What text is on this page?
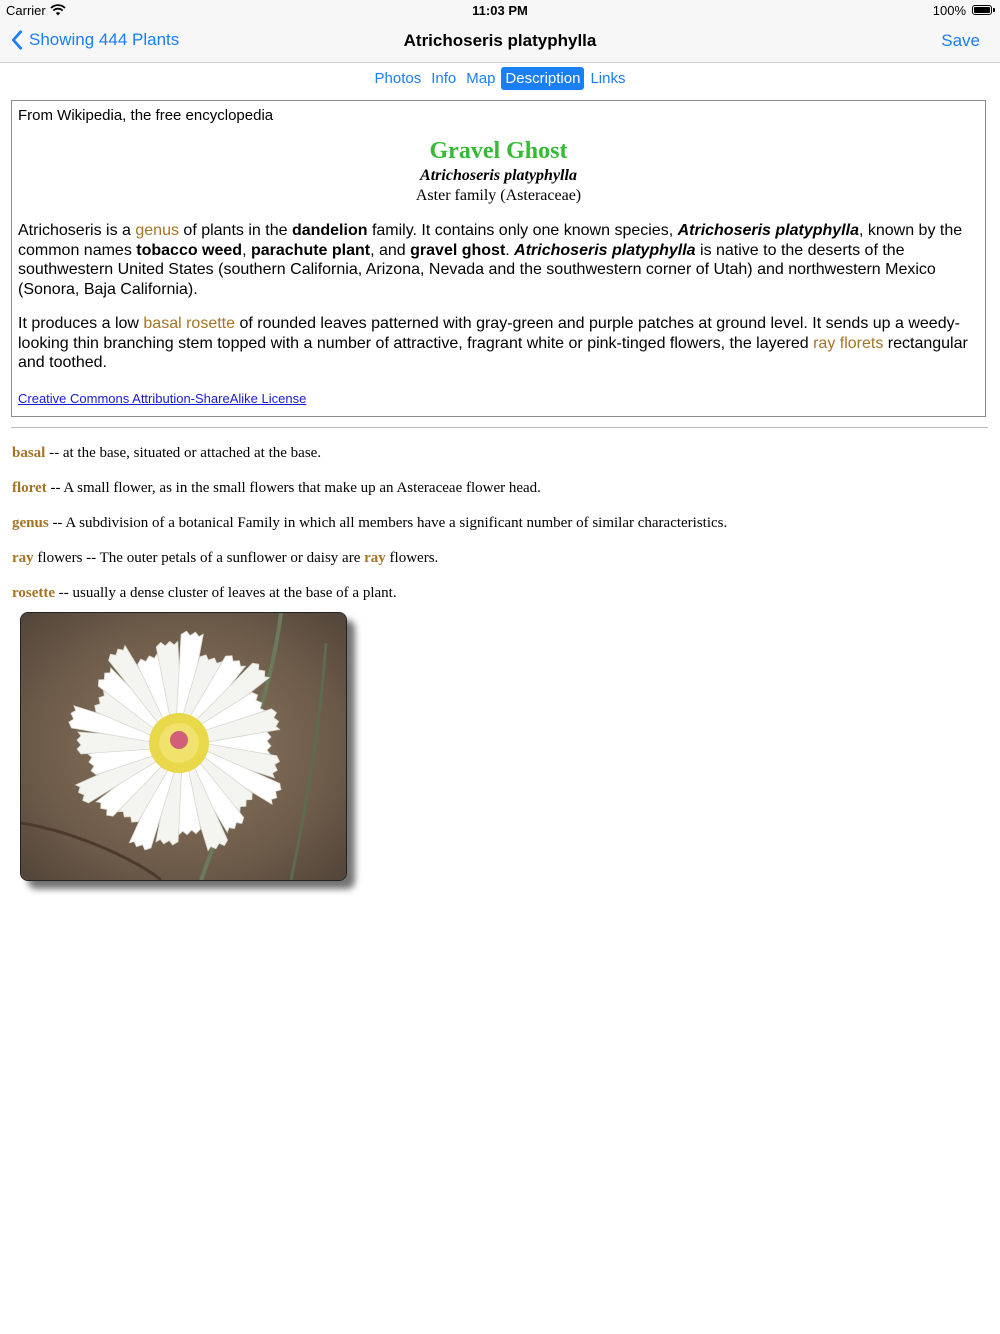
Carrier	11:03 PM	100%
Showing 444 Plants	Atrichoseris platyphylla	Save
Photos Info Map Description Links
From Wikipedia, the free encyclopedia
Gravel Ghost
Atrichoseris platyphylla
Aster family (Asteraceae)
Atrichoseris is a genus of plants in the dandelion family. It contains only one known species, Atrichoseris platyphylla, known by the common names tobacco weed, parachute plant, and gravel ghost. Atrichoseris platyphylla is native to the deserts of the southwestern United States (southern California, Arizona, Nevada and the southwestern corner of Utah) and northwestern Mexico (Sonora, Baja California).
It produces a low basal rosette of rounded leaves patterned with gray-green and purple patches at ground level. It sends up a weedy-looking thin branching stem topped with a number of attractive, fragrant white or pink-tinged flowers, the layered ray florets rectangular and toothed.
Creative Commons Attribution-ShareAlike License
basal -- at the base, situated or attached at the base.
floret -- A small flower, as in the small flowers that make up an Asteraceae flower head.
genus -- A subdivision of a botanical Family in which all members have a significant number of similar characteristics.
ray flowers -- The outer petals of a sunflower or daisy are ray flowers.
rosette -- usually a dense cluster of leaves at the base of a plant.
